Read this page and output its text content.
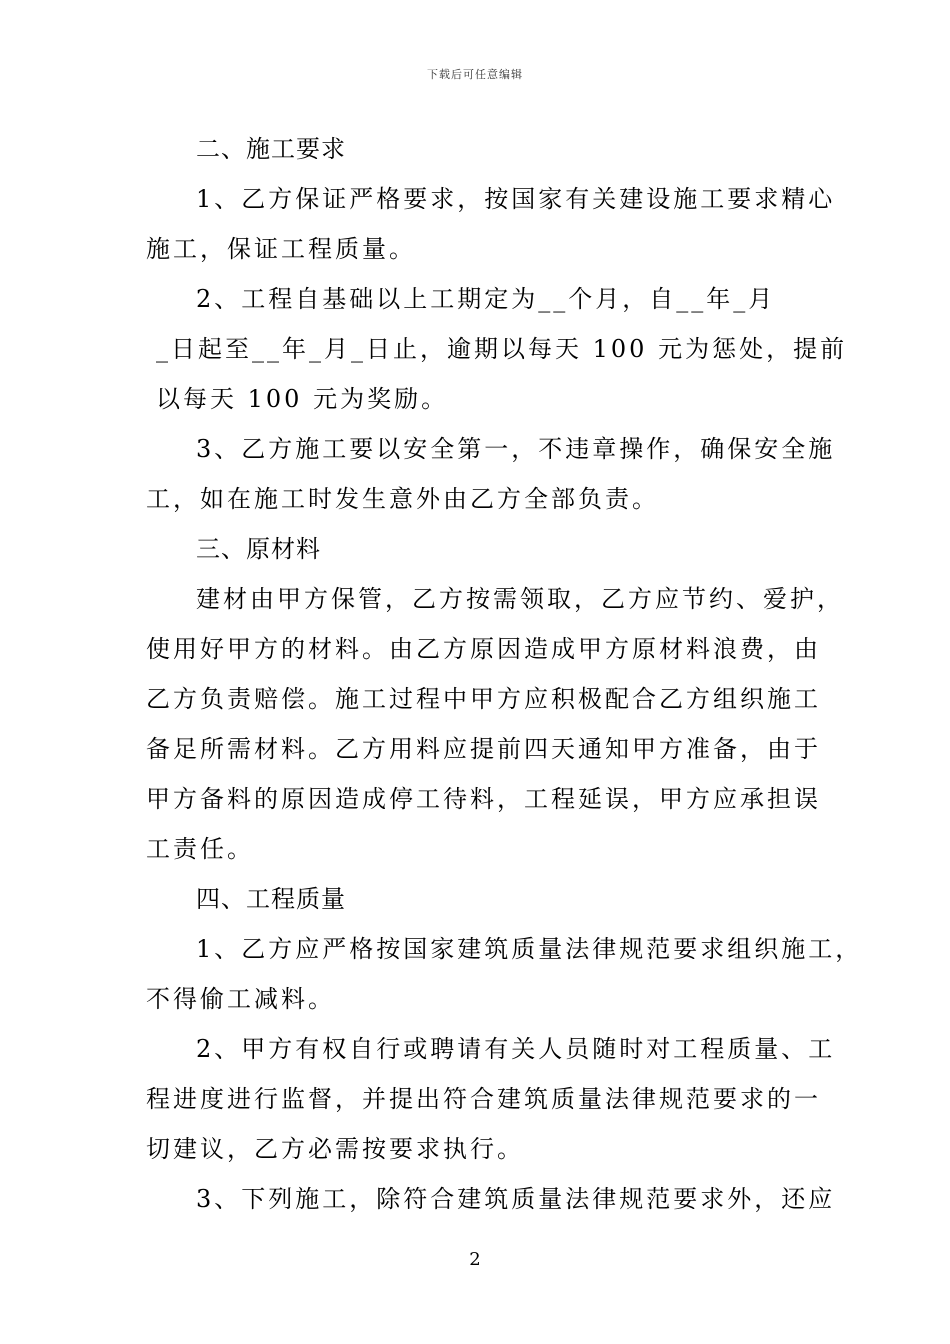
下载后可任意编辑
二、施工要求
1、乙方保证严格要求，按国家有关建设施工要求精心
施工，保证工程质量。
2、工程自基础以上工期定为__个月，自__年_月
_日起至__年_月_日止，逾期以每天 100 元为惩处，提前
以每天 100 元为奖励。
3、乙方施工要以安全第一，不违章操作，确保安全施
工，如在施工时发生意外由乙方全部负责。
三、原材料
建材由甲方保管，乙方按需领取，乙方应节约、爱护，
使用好甲方的材料。由乙方原因造成甲方原材料浪费，由
乙方负责赔偿。施工过程中甲方应积极配合乙方组织施工
备足所需材料。乙方用料应提前四天通知甲方准备，由于
甲方备料的原因造成停工待料，工程延误，甲方应承担误
工责任。
四、工程质量
1、乙方应严格按国家建筑质量法律规范要求组织施工，
不得偷工减料。
2、甲方有权自行或聘请有关人员随时对工程质量、工
程进度进行监督，并提出符合建筑质量法律规范要求的一
切建议，乙方必需按要求执行。
3、下列施工，除符合建筑质量法律规范要求外，还应
2
